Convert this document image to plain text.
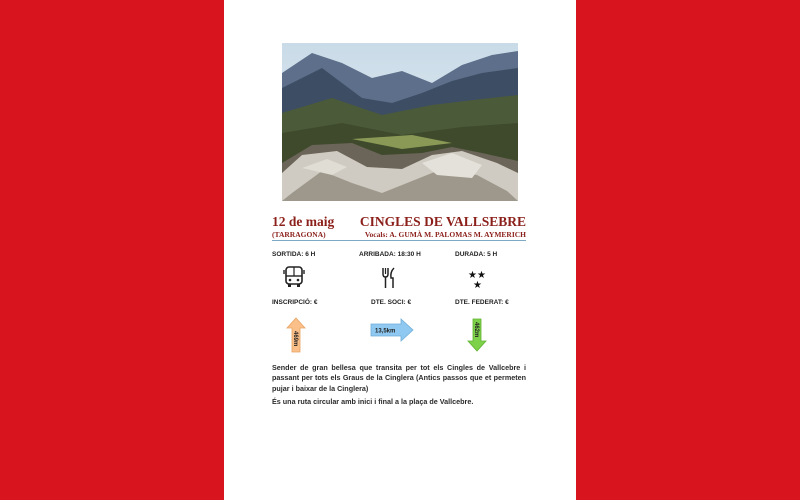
12 de maig
(TARRAGONA)
CINGLES DE VALLSEBRE
Vocals: A. GUMÀ M. PALOMAS M. AYMERICH
SORTIDA: 6 H	ARRIBADA: 18:30 H	DURADA: 5 H
★★
★
INSCRIPCIÓ: €	DTE. SOCI: €	DTE. FEDERAT: €
469m	13,5km	462m
Sender de gran bellesa que transita per tot els Cingles de Vallcebre i passant per tots els Graus de la Cinglera (Antics passos que et permeten pujar i baixar de la Cinglera)
És una ruta circular amb inici i final a la plaça de Vallcebre.
